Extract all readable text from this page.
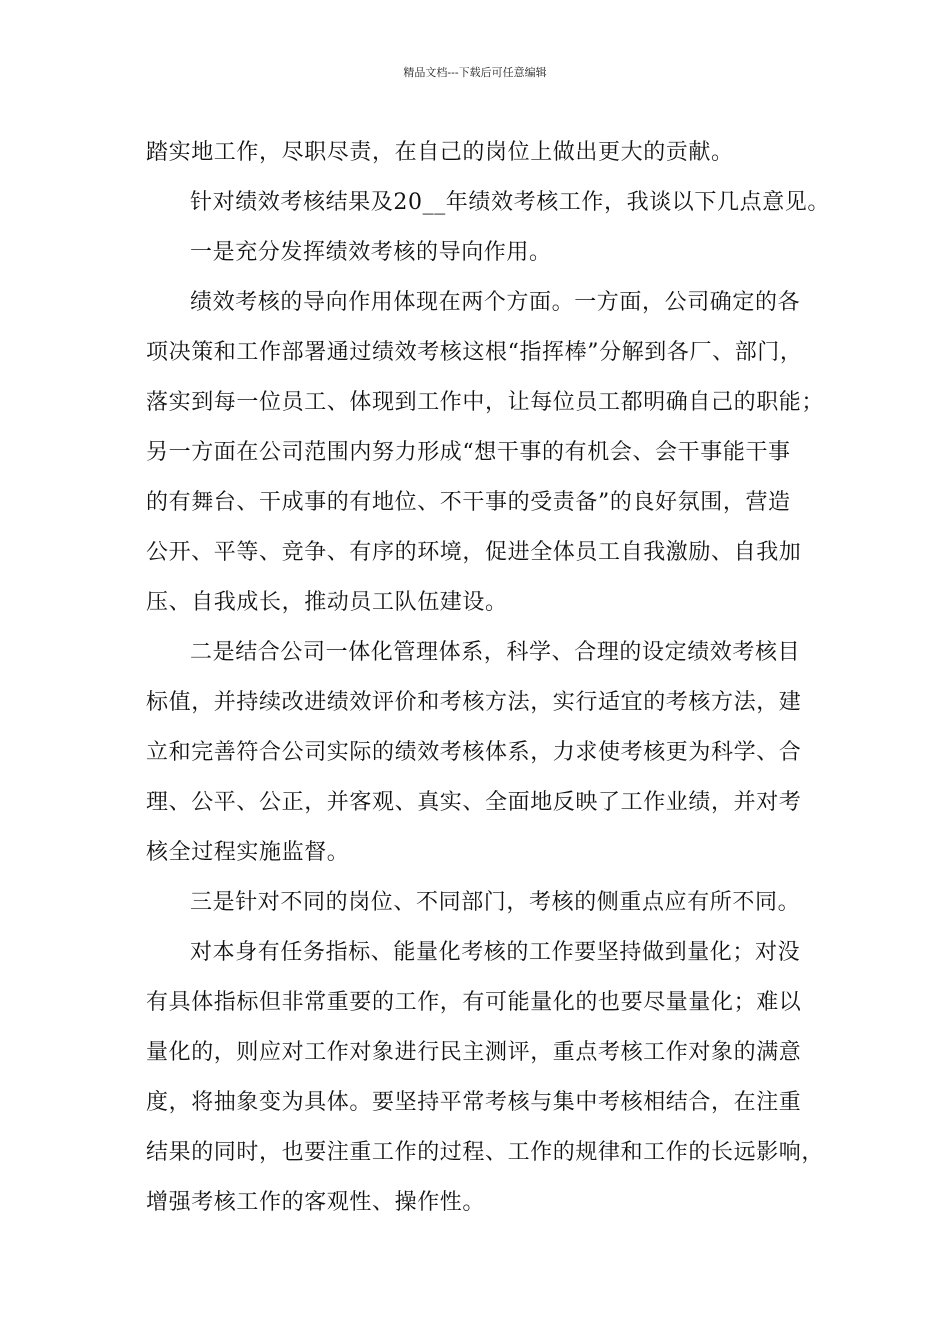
精品文档---下载后可任意编辑

踏实地工作，尽职尽责，在自己的岗位上做出更大的贡献。

针对绩效考核结果及20__年绩效考核工作，我谈以下几点意见。

一是充分发挥绩效考核的导向作用。

绩效考核的导向作用体现在两个方面。一方面，公司确定的各
项决策和工作部署通过绩效考核这根“指挥棒”分解到各厂、部门，
落实到每一位员工、体现到工作中，让每位员工都明确自己的职能；
另一方面在公司范围内努力形成“想干事的有机会、会干事能干事
的有舞台、干成事的有地位、不干事的受责备”的良好氛围，营造
公开、平等、竞争、有序的环境，促进全体员工自我激励、自我加
压、自我成长，推动员工队伍建设。

二是结合公司一体化管理体系，科学、合理的设定绩效考核目
标值，并持续改进绩效评价和考核方法，实行适宜的考核方法，建
立和完善符合公司实际的绩效考核体系，力求使考核更为科学、合
理、公平、公正，并客观、真实、全面地反映了工作业绩，并对考
核全过程实施监督。

三是针对不同的岗位、不同部门，考核的侧重点应有所不同。

对本身有任务指标、能量化考核的工作要坚持做到量化；对没
有具体指标但非常重要的工作，有可能量化的也要尽量量化；难以
量化的，则应对工作对象进行民主测评，重点考核工作对象的满意
度，将抽象变为具体。要坚持平常考核与集中考核相结合，在注重
结果的同时，也要注重工作的过程、工作的规律和工作的长远影响，
增强考核工作的客观性、操作性。
